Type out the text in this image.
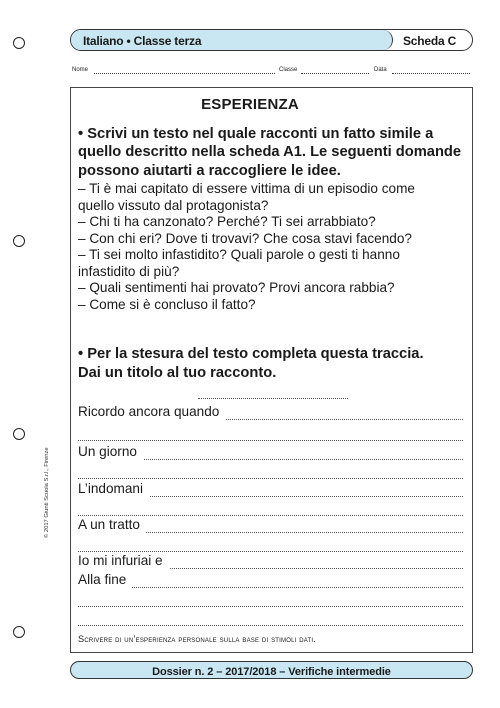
Italiano • Classe terza	Scheda C
Nome	Classe	Data
ESPERIENZA
• Scrivi un testo nel quale racconti un fatto simile a
quello descritto nella scheda A1. Le seguenti domande
possono aiutarti a raccogliere le idee.
– Ti è mai capitato di essere vittima di un episodio come
quello vissuto dal protagonista?
– Chi ti ha canzonato? Perché? Ti sei arrabbiato?
– Con chi eri? Dove ti trovavi? Che cosa stavi facendo?
– Ti sei molto infastidito? Quali parole o gesti ti hanno
infastidito di più?
– Quali sentimenti hai provato? Provi ancora rabbia?
– Come si è concluso il fatto?
• Per la stesura del testo completa questa traccia.
Dai un titolo al tuo racconto.
Ricordo ancora quando
Un giorno
L’indomani
A un tratto
Io mi infuriai e
Alla fine
Scrivere di un’esperienza personale sulla base di stimoli dati.
© 2017 Giunti Scuola S.r.l., Firenze
Dossier n. 2 – 2017/2018 – Verifiche intermedie
